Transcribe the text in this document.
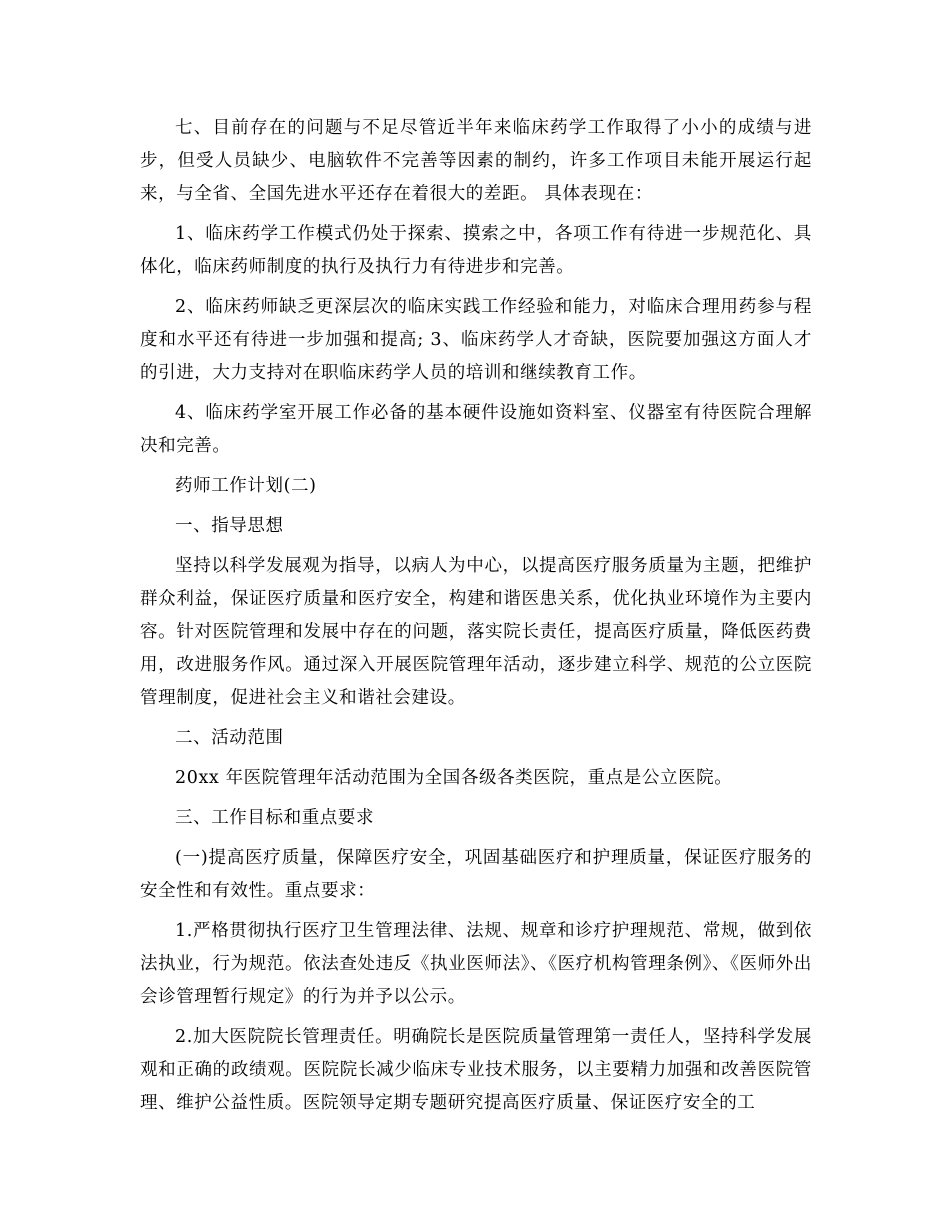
七、目前存在的问题与不足尽管近半年来临床药学工作取得了小小的成绩与进步，但受人员缺少、电脑软件不完善等因素的制约，许多工作项目未能开展运行起来，与全省、全国先进水平还存在着很大的差距。 具体表现在：

1、临床药学工作模式仍处于探索、摸索之中，各项工作有待进一步规范化、具体化，临床药师制度的执行及执行力有待进步和完善。

2、临床药师缺乏更深层次的临床实践工作经验和能力，对临床合理用药参与程度和水平还有待进一步加强和提高; 3、临床药学人才奇缺，医院要加强这方面人才的引进，大力支持对在职临床药学人员的培训和继续教育工作。

4、临床药学室开展工作必备的基本硬件设施如资料室、仪器室有待医院合理解决和完善。

药师工作计划(二)

一、指导思想

坚持以科学发展观为指导，以病人为中心，以提高医疗服务质量为主题，把维护群众利益，保证医疗质量和医疗安全，构建和谐医患关系，优化执业环境作为主要内容。针对医院管理和发展中存在的问题，落实院长责任，提高医疗质量，降低医药费用，改进服务作风。通过深入开展医院管理年活动，逐步建立科学、规范的公立医院管理制度，促进社会主义和谐社会建设。

二、活动范围

20xx 年医院管理年活动范围为全国各级各类医院，重点是公立医院。

三、工作目标和重点要求

(一)提高医疗质量，保障医疗安全，巩固基础医疗和护理质量，保证医疗服务的安全性和有效性。重点要求：

1.严格贯彻执行医疗卫生管理法律、法规、规章和诊疗护理规范、常规，做到依法执业，行为规范。依法查处违反《执业医师法》、《医疗机构管理条例》、《医师外出会诊管理暂行规定》的行为并予以公示。

2.加大医院院长管理责任。明确院长是医院质量管理第一责任人，坚持科学发展观和正确的政绩观。医院院长减少临床专业技术服务，以主要精力加强和改善医院管理、维护公益性质。医院领导定期专题研究提高医疗质量、保证医疗安全的工
